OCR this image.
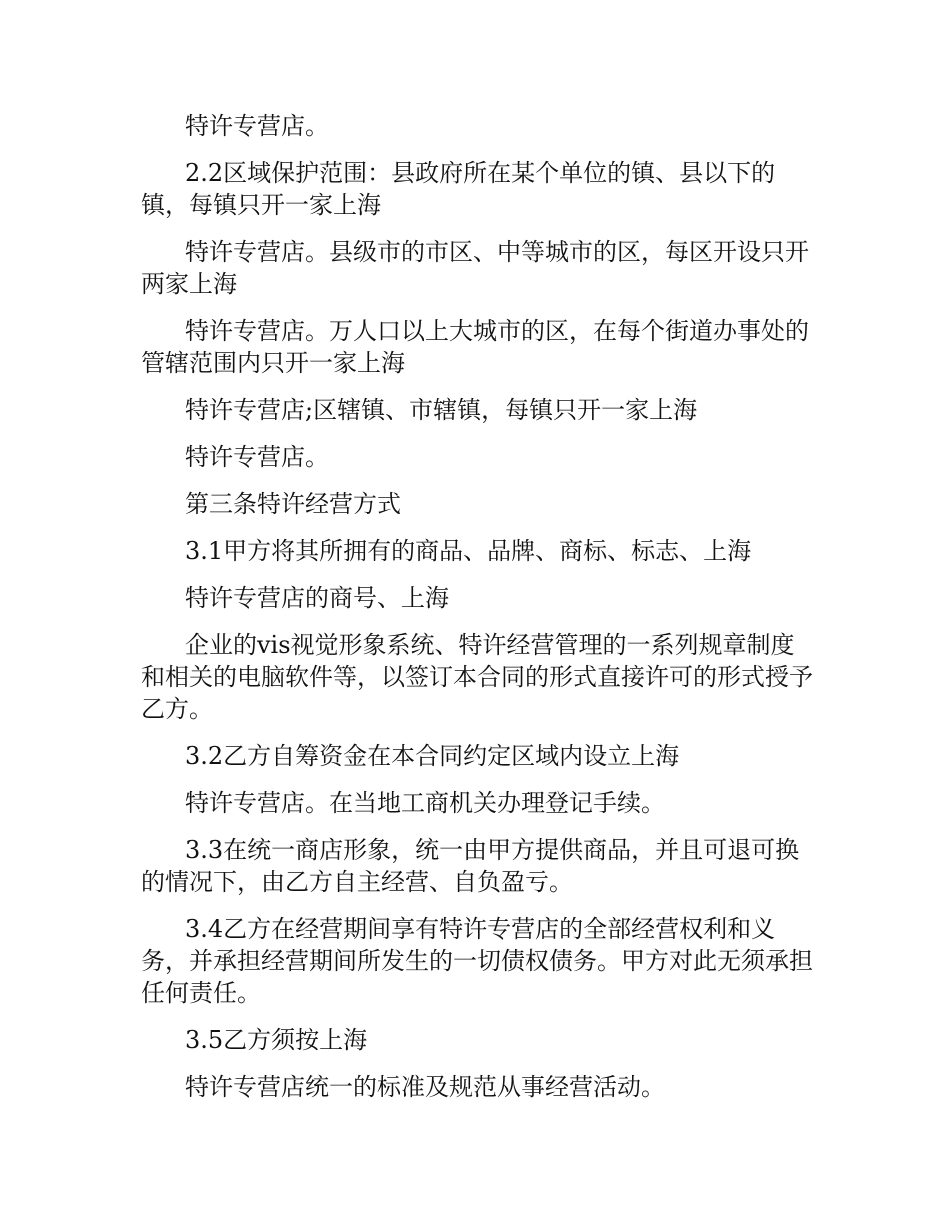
特许专营店。

2.2区域保护范围：县政府所在某个单位的镇、县以下的镇，每镇只开一家上海

特许专营店。县级市的市区、中等城市的区，每区开设只开两家上海

特许专营店。万人口以上大城市的区，在每个街道办事处的管辖范围内只开一家上海

特许专营店;区辖镇、市辖镇，每镇只开一家上海

特许专营店。

第三条特许经营方式

3.1甲方将其所拥有的商品、品牌、商标、标志、上海

特许专营店的商号、上海

企业的vis视觉形象系统、特许经营管理的一系列规章制度和相关的电脑软件等，以签订本合同的形式直接许可的形式授予乙方。

3.2乙方自筹资金在本合同约定区域内设立上海

特许专营店。在当地工商机关办理登记手续。

3.3在统一商店形象，统一由甲方提供商品，并且可退可换的情况下，由乙方自主经营、自负盈亏。

3.4乙方在经营期间享有特许专营店的全部经营权利和义务，并承担经营期间所发生的一切债权债务。甲方对此无须承担任何责任。

3.5乙方须按上海

特许专营店统一的标准及规范从事经营活动。
